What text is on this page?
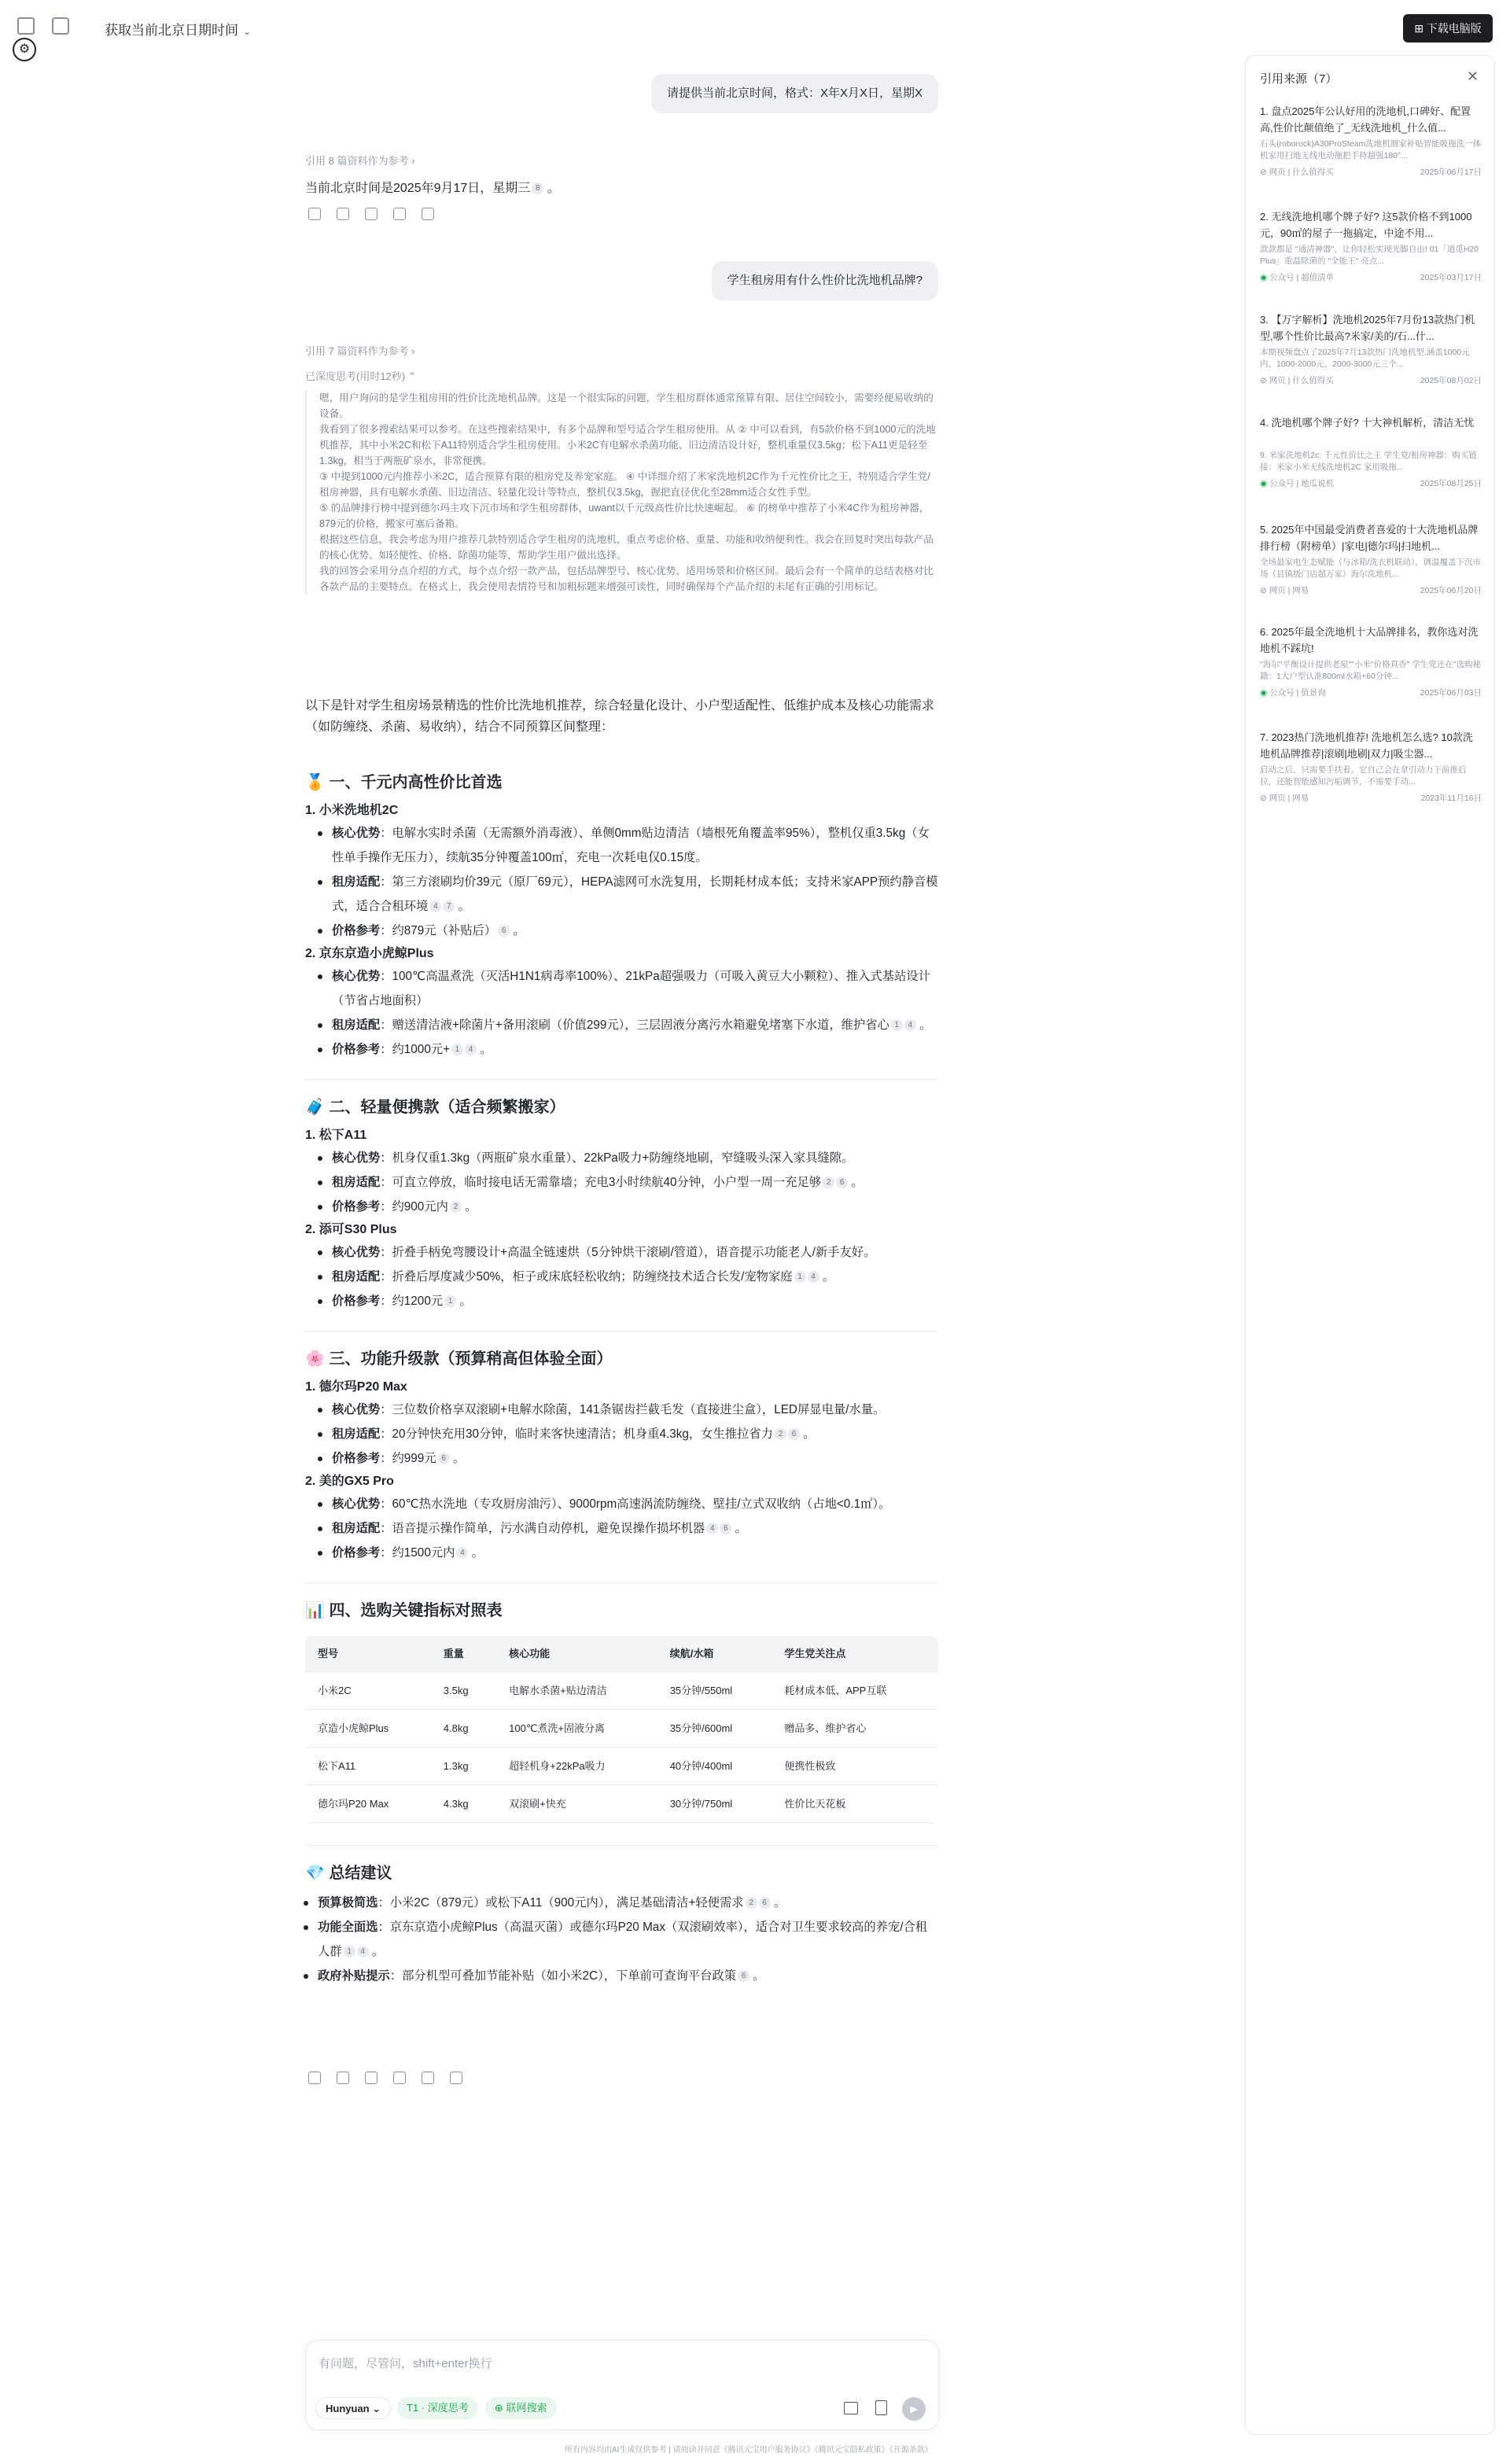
获取当前北京日期时间 ⌄
⚙
⊞ 下载电脑版
请提供当前北京时间，格式：X年X月X日，星期X
引用 8 篇资料作为参考 ›
当前北京时间是2025年9月17日，星期三 8 。
学生租房用有什么性价比洗地机品牌?
引用 7 篇资料作为参考 ›
已深度思考(用时12秒) ⌃

嗯，用户询问的是学生租房用的性价比洗地机品牌。这是一个很实际的问题，学生租房群体通常预算有限、居住空间较小，需要经便易收纳的设备。

我看到了很多搜索结果可以参考。在这些搜索结果中，有多个品牌和型号适合学生租房使用。从 ② 中可以看到，有5款价格不到1000元的洗地机推荐，其中小米2C和松下A11特别适合学生租房使用。小米2C有电解水杀菌功能、旧边清洁设计好，整机重量仅3.5kg；松下A11更是轻至1.3kg，相当于两瓶矿泉水，非常便携。

③ 中提到1000元内推荐小米2C，适合预算有限的租房党及养宠家庭。 ④ 中详细介绍了米家洗地机2C作为千元性价比之王，特别适合学生党/租房神器，具有电解水杀菌、旧边清洁、轻量化设计等特点，整机仅3.5kg，握把直径优化至28mm适合女性手型。

⑤ 的品牌排行榜中提到德尔玛主攻下沉市场和学生租房群体，uwant以千元级高性价比快速崛起。 ⑥ 的榜单中推荐了小米4C作为租房神器，879元的价格，搬家可塞后备箱。

根据这些信息，我会考虑为用户推荐几款特别适合学生租房的洗地机，重点考虑价格、重量、功能和收纳便利性。我会在回复时突出每款产品的核心优势、如轻便性、价格、除菌功能等，帮助学生用户做出选择。

我的回答会采用分点介绍的方式，每个点介绍一款产品，包括品牌型号、核心优势、适用场景和价格区间。最后会有一个简单的总结表格对比各款产品的主要特点。在格式上，我会使用表情符号和加粗标题来增强可读性，同时确保每个产品介绍的未尾有正确的引用标记。

以下是针对学生租房场景精选的性价比洗地机推荐，综合轻量化设计、小户型适配性、低维护成本及核心功能需求（如防缠绕、杀菌、易收纳），结合不同预算区间整理：

🏅 一、千元内高性价比首选
1. 小米洗地机2C
核心优势：电解水实时杀菌（无需额外消毒液）、单侧0mm贴边清洁（墙根死角覆盖率95%），整机仅重3.5kg（女性单手操作无压力），续航35分钟覆盖100㎡，充电一次耗电仅0.15度。
租房适配：第三方滚刷均价39元（原厂69元），HEPA滤网可水洗复用，长期耗材成本低；支持米家APP预约静音模式，适合合租环境 4 7 。
价格参考：约879元（补贴后） 6 。
2. 京东京造小虎鲸Plus
核心优势：100℃高温煮洗（灭活H1N1病毒率100%）、21kPa超强吸力（可吸入黄豆大小颗粒）、推入式基站设计（节省占地面积）
租房适配：赠送清洁液+除菌片+备用滚刷（价值299元），三层固液分离污水箱避免堵塞下水道，维护省心 1 4 。
价格参考：约1000元+ 1 4 。
🧳 二、轻量便携款（适合频繁搬家）
1. 松下A11
核心优势：机身仅重1.3kg（两瓶矿泉水重量）、22kPa吸力+防缠绕地刷，窄缝吸头深入家具缝隙。
租房适配：可直立停放，临时接电话无需靠墙；充电3小时续航40分钟，小户型一周一充足够 2 6 。
价格参考：约900元内 2 。
2. 添可S30 Plus
核心优势：折叠手柄免弯腰设计+高温全链速烘（5分钟烘干滚刷/管道），语音提示功能老人/新手友好。
租房适配：折叠后厚度减少50%，柜子或床底轻松收纳；防缠绕技术适合长发/宠物家庭 1 4 。
价格参考：约1200元 1 。
🌸 三、功能升级款（预算稍高但体验全面）
1. 德尔玛P20 Max
核心优势：三位数价格享双滚刷+电解水除菌，141条锯齿拦截毛发（直接进尘盒），LED屏显电量/水量。
租房适配：20分钟快充用30分钟，临时来客快速清洁；机身重4.3kg，女生推拉省力 2 6 。
价格参考：约999元 6 。
2. 美的GX5 Pro
核心优势：60℃热水洗地（专攻厨房油污）、9000rpm高速涡流防缠绕、壁挂/立式双收纳（占地<0.1㎡）。
租房适配：语音提示操作简单，污水满自动停机，避免误操作损坏机器 4 6 。
价格参考：约1500元内 4 。
📊 四、选购关键指标对照表
型号	重量	核心功能	续航/水箱	学生党关注点
小米2C	3.5kg	电解水杀菌+贴边清洁	35分钟/550ml	耗材成本低、APP互联
京造小虎鲸Plus	4.8kg	100℃煮洗+固液分离	35分钟/600ml	赠品多、维护省心
松下A11	1.3kg	超轻机身+22kPa吸力	40分钟/400ml	便携性极致
德尔玛P20 Max	4.3kg	双滚刷+快充	30分钟/750ml	性价比天花板
💎 总结建议
预算极简选：小米2C（879元）或松下A11（900元内），满足基础清洁+轻便需求 2 6 。
功能全面选：京东京造小虎鲸Plus（高温灭菌）或德尔玛P20 Max（双滚刷效率），适合对卫生要求较高的养宠/合租人群 1 4 。
政府补贴提示：部分机型可叠加节能补贴（如小米2C），下单前可查询平台政策 6 。
有问题，尽管问，shift+enter换行
Hunyuan ⌄	T1 · 深度思考	⊕ 联网搜索	▶
所有内容均由AI生成仅供参考 | 请阅读并同意《腾讯元宝用户服务协议》《腾讯元宝隐私政策》《开源条款》
引用来源（7）	✕
1. 盘点2025年公认好用的洗地机,口碑好、配置高,性价比颠值绝了_无线洗地机_什么值...
石头(roborock)A30ProSteam洗地机圈家补贴智能吸拖洗一体机家用扫地无线电动拖把手持超强180°...
⊘ 网页 | 什么值得买	2025年06月17日
2. 无线洗地机哪个牌子好? 这5款价格不到1000元，90㎡的屋子一拖搞定，中途不用...
款款都是 "通清神器"，让你轻松实现光脚自由! 01「道觅H20 Plus」重温除菌的 "全能王" 亮点...
◉ 公众号 | 超值清单	2025年03月17日
3. 【万字解析】洗地机2025年7月份13款热门机型,哪个性价比最高?米家/美的/石...什...
本期视频盘点了2025年7月13款热门洗地机型,涵盖1000元内、1000-2000元、2000-3000元三个...
⊘ 网页 | 什么值得买	2025年08月02日
4. 洗地机哪个牌子好? 十大神机解析，清洁无忧
9. 米家洗地机2c: 千元性价比之王 学生党/租房神器：购买链接：米家小米无线洗地机2C 家用吸拖...
◉ 公众号 | 地瓜说机	2025年08月25日
5. 2025年中国最受消费者喜爱的十大洗地机品牌排行榜（附榜单）|家电|德尔玛|扫地机...
全场最家电生态赋能（与冰箱/洗衣机联动），调温覆盖下沉市场（县镇级门店超万家）海尔洗地机...
⊘ 网页 | 网易	2025年06月20日
6. 2025年最全洗地机十大品牌排名，教你选对洗地机不踩坑!
"海尔"平衡设计提供老屋""小米"价格真香" 学生党还在"选购秘籍：1大户型认准800ml水箱+60分钟...
◉ 公众号 | 值景询	2025年06月03日
7. 2023热门洗地机推荐! 洗地机怎么选? 10款洗地机品牌推荐|滚刷|地刷|双力|吸尘器...
启动之后，只需要手扶着。它自己会在拿引动力下前推后拉，还能智能感知污垢调节，不需要手动...
⊘ 网页 | 网易	2023年11月16日
